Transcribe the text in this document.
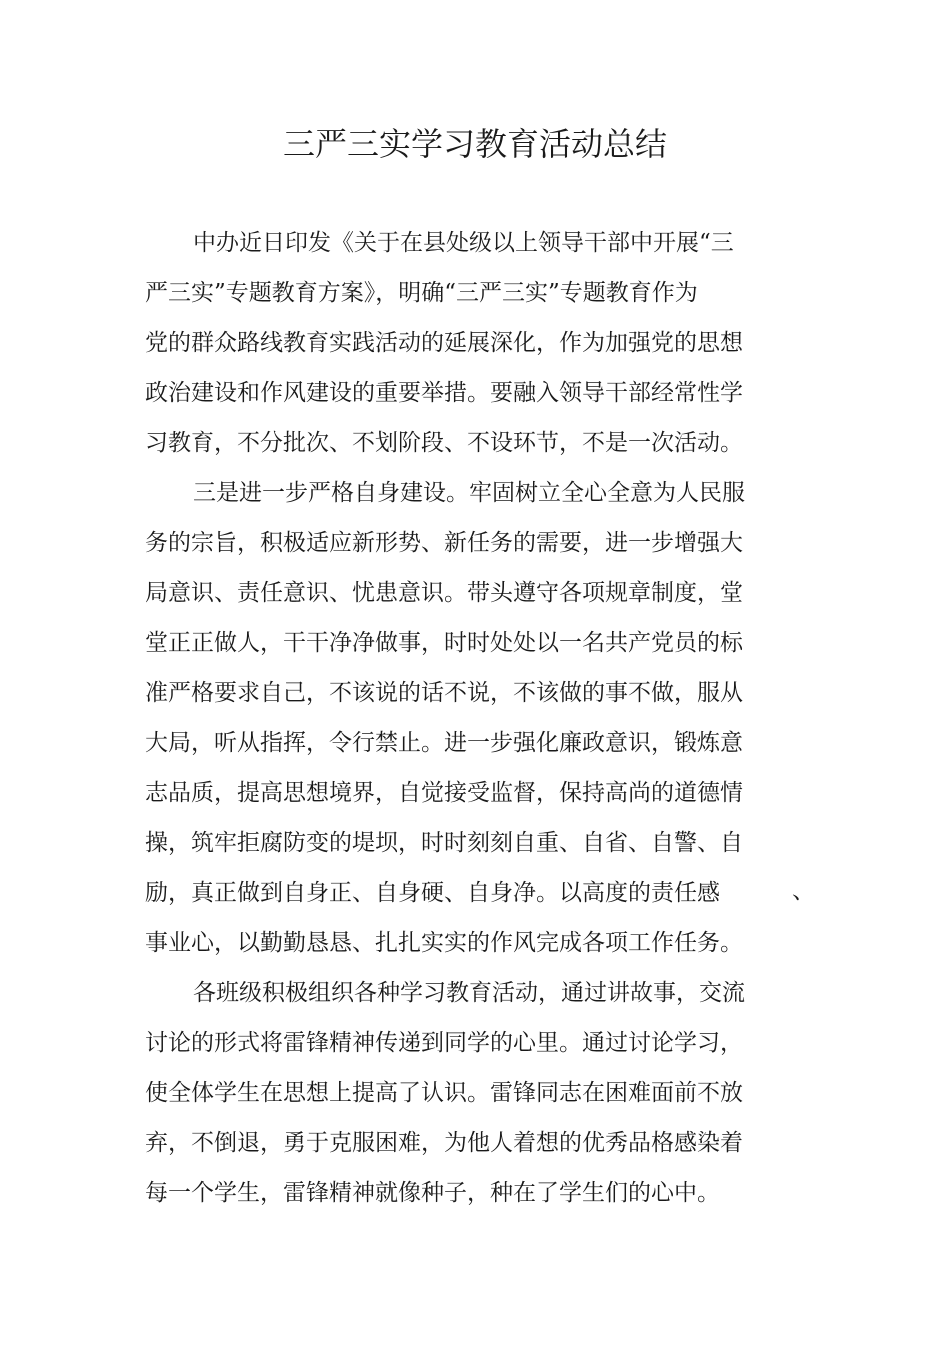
三严三实学习教育活动总结
中办近日印发《关于在县处级以上领导干部中开展“三
严三实”专题教育方案》，明确“三严三实”专题教育作为
党的群众路线教育实践活动的延展深化，作为加强党的思想
政治建设和作风建设的重要举措。要融入领导干部经常性学
习教育，不分批次、不划阶段、不设环节，不是一次活动。
三是进一步严格自身建设。牢固树立全心全意为人民服
务的宗旨，积极适应新形势、新任务的需要，进一步增强大
局意识、责任意识、忧患意识。带头遵守各项规章制度，堂
堂正正做人，干干净净做事，时时处处以一名共产党员的标
准严格要求自己，不该说的话不说，不该做的事不做，服从
大局，听从指挥，令行禁止。进一步强化廉政意识，锻炼意
志品质，提高思想境界，自觉接受监督，保持高尚的道德情
操，筑牢拒腐防变的堤坝，时时刻刻自重、自省、自警、自
励，真正做到自身正、自身硬、自身净。以高度的责任感
事业心，以勤勤恳恳、扎扎实实的作风完成各项工作任务。
各班级积极组织各种学习教育活动，通过讲故事，交流
讨论的形式将雷锋精神传递到同学的心里。通过讨论学习，
使全体学生在思想上提高了认识。雷锋同志在困难面前不放
弃，不倒退，勇于克服困难，为他人着想的优秀品格感染着
每一个学生，雷锋精神就像种子，种在了学生们的心中。
、
